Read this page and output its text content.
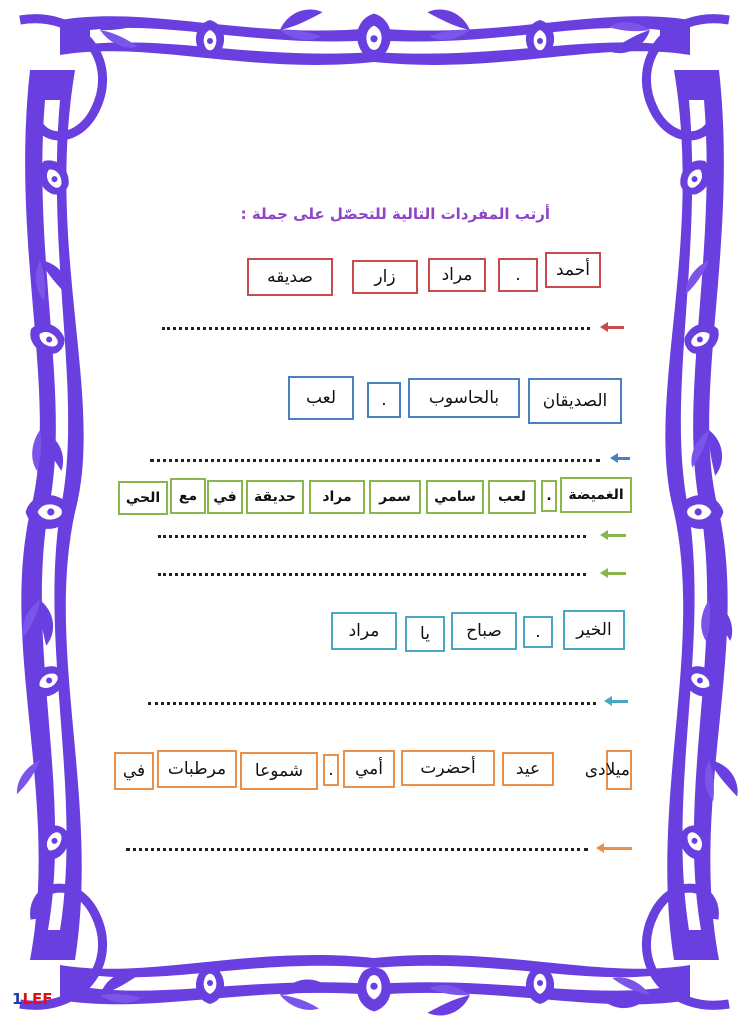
أرتب المفردات التالية للتحصّل على جملة :
أحمد
.
مراد
زار
صديقه
الصديقان
بالحاسوب
.
لعب
الغميضة
.
لعب
سامي
سمر
مراد
حديقة
في
مع
الحي
الخير
.
صباح
يا
مراد
ميلادى
عيد
أحضرت
أمي
.
شموعا
مرطبات
في
1LEF
